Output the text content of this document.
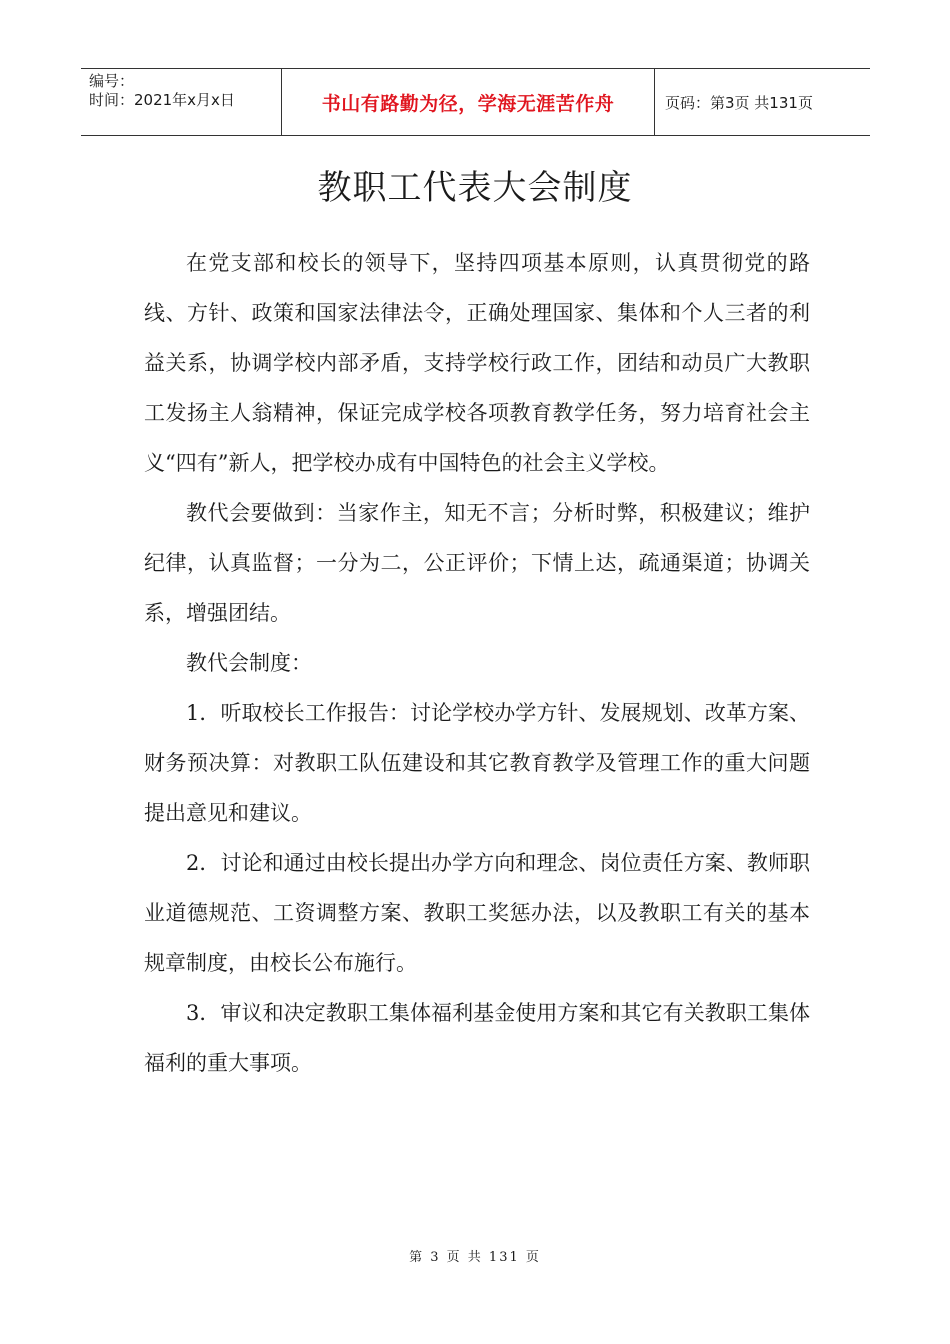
编号：
时间：2021年x月x日	书山有路勤为径，学海无涯苦作舟	页码：第3页 共131页
教职工代表大会制度

在党支部和校长的领导下，坚持四项基本原则，认真贯彻党的路线、方针、政策和国家法律法令，正确处理国家、集体和个人三者的利益关系，协调学校内部矛盾，支持学校行政工作，团结和动员广大教职工发扬主人翁精神，保证完成学校各项教育教学任务，努力培育社会主义“四有”新人，把学校办成有中国特色的社会主义学校。

教代会要做到：当家作主，知无不言；分析时弊，积极建议；维护纪律，认真监督；一分为二，公正评价；下情上达，疏通渠道；协调关系，增强团结。

教代会制度：

1．听取校长工作报告：讨论学校办学方针、发展规划、改革方案、财务预决算：对教职工队伍建设和其它教育教学及管理工作的重大问题提出意见和建议。

2．讨论和通过由校长提出办学方向和理念、岗位责任方案、教师职业道德规范、工资调整方案、教职工奖惩办法，以及教职工有关的基本规章制度，由校长公布施行。

3．审议和决定教职工集体福利基金使用方案和其它有关教职工集体福利的重大事项。

第 3 页 共 131 页
